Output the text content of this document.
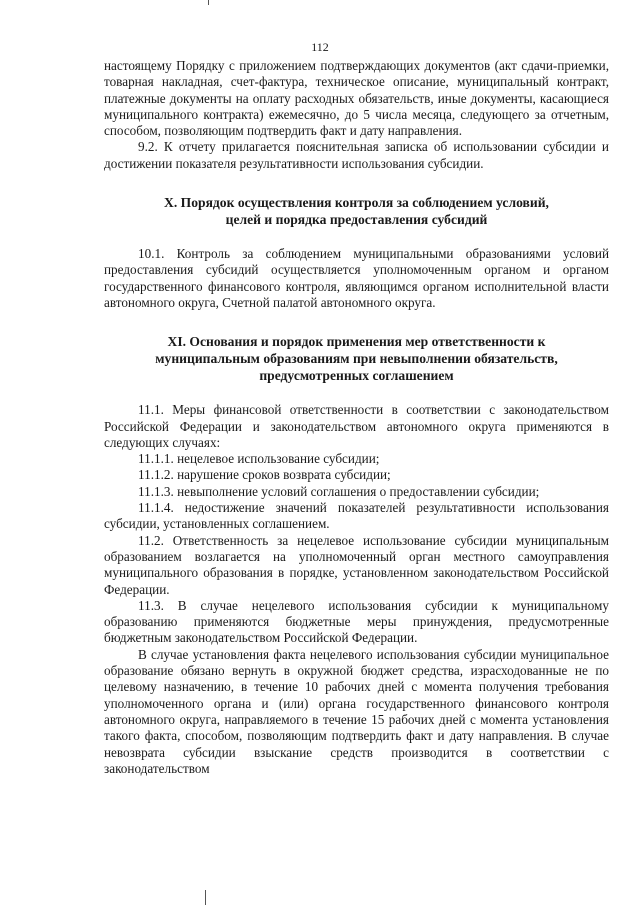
112

настоящему Порядку с приложением подтверждающих документов (акт сдачи-приемки, товарная накладная, счет-фактура, техническое описание, муниципальный контракт, платежные документы на оплату расходных обязательств, иные документы, касающиеся муниципального контракта) ежемесячно, до 5 числа месяца, следующего за отчетным, способом, позволяющим подтвердить факт и дату направления.

9.2. К отчету прилагается пояснительная записка об использовании субсидии и достижении показателя результативности использования субсидии.

X. Порядок осуществления контроля за соблюдением условий,
целей и порядка предоставления субсидий

10.1. Контроль за соблюдением муниципальными образованиями условий предоставления субсидий осуществляется уполномоченным органом и органом государственного финансового контроля, являющимся органом исполнительной власти автономного округа, Счетной палатой автономного округа.

XI. Основания и порядок применения мер ответственности к
муниципальным образованиям при невыполнении обязательств,
предусмотренных соглашением

11.1. Меры финансовой ответственности в соответствии с законодательством Российской Федерации и законодательством автономного округа применяются в следующих случаях:

11.1.1. нецелевое использование субсидии;

11.1.2. нарушение сроков возврата субсидии;

11.1.3. невыполнение условий соглашения о предоставлении субсидии;

11.1.4. недостижение значений показателей результативности использования субсидии, установленных соглашением.

11.2. Ответственность за нецелевое использование субсидии муниципальным образованием возлагается на уполномоченный орган местного самоуправления муниципального образования в порядке, установленном законодательством Российской Федерации.

11.3. В случае нецелевого использования субсидии к муниципальному образованию применяются бюджетные меры принуждения, предусмотренные бюджетным законодательством Российской Федерации.

В случае установления факта нецелевого использования субсидии муниципальное образование обязано вернуть в окружной бюджет средства, израсходованные не по целевому назначению, в течение 10 рабочих дней с момента получения требования уполномоченного органа и (или) органа государственного финансового контроля автономного округа, направляемого в течение 15 рабочих дней с момента установления такого факта, способом, позволяющим подтвердить факт и дату направления. В случае невозврата субсидии взыскание средств производится в соответствии с законодательством
